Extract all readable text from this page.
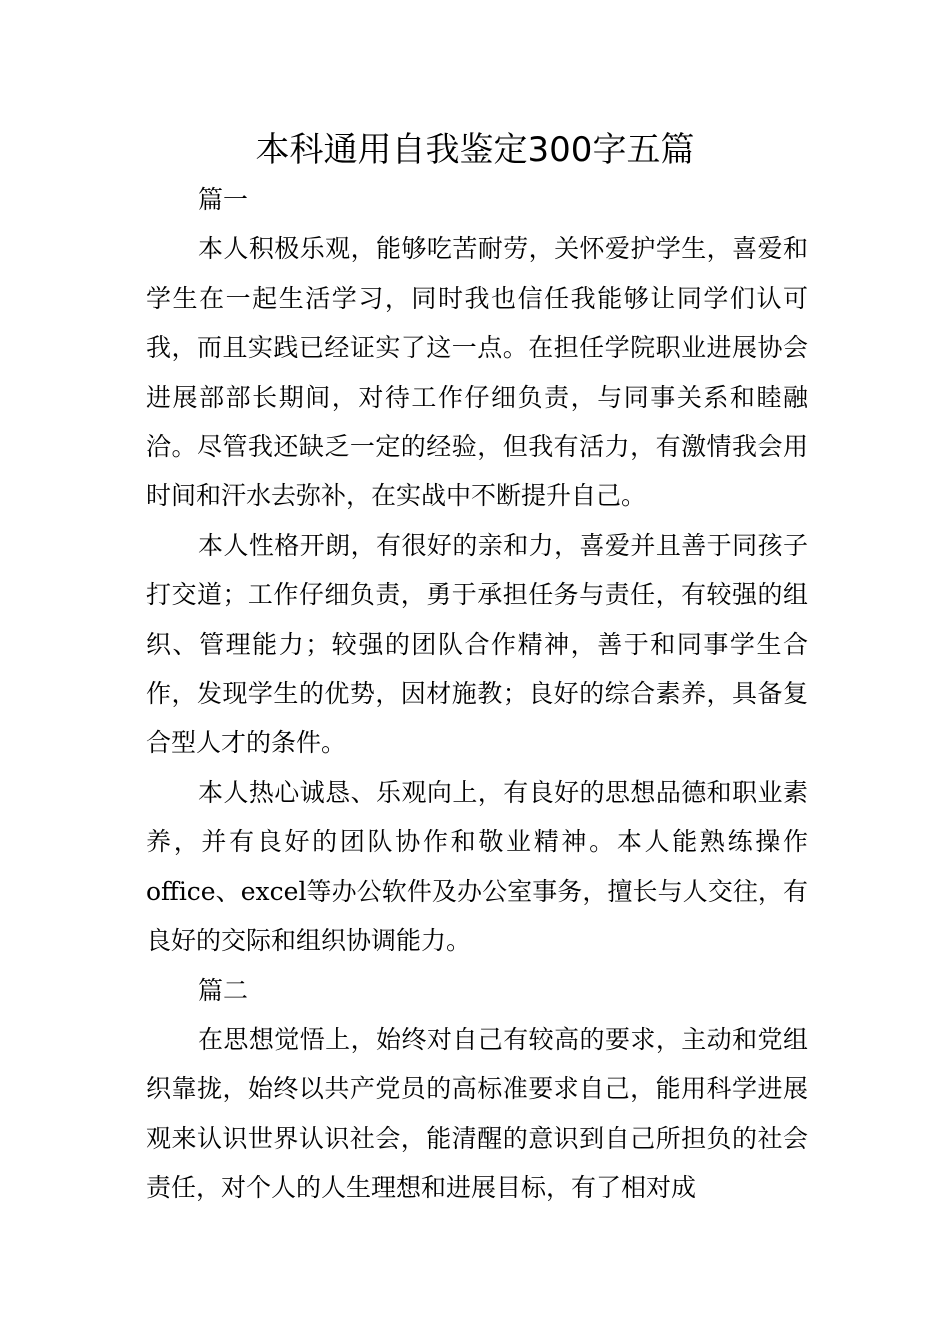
本科通用自我鉴定300字五篇
篇一

本人积极乐观，能够吃苦耐劳，关怀爱护学生，喜爱和学生在一起生活学习，同时我也信任我能够让同学们认可我，而且实践已经证实了这一点。在担任学院职业进展协会进展部部长期间，对待工作仔细负责，与同事关系和睦融洽。尽管我还缺乏一定的经验，但我有活力，有激情我会用时间和汗水去弥补，在实战中不断提升自己。

本人性格开朗，有很好的亲和力，喜爱并且善于同孩子打交道；工作仔细负责，勇于承担任务与责任，有较强的组织、管理能力；较强的团队合作精神，善于和同事学生合作，发现学生的优势，因材施教；良好的综合素养，具备复合型人才的条件。

本人热心诚恳、乐观向上，有良好的思想品德和职业素养，并有良好的团队协作和敬业精神。本人能熟练操作office、excel等办公软件及办公室事务，擅长与人交往，有良好的交际和组织协调能力。

篇二

在思想觉悟上，始终对自己有较高的要求，主动和党组织靠拢，始终以共产党员的高标准要求自己，能用科学进展观来认识世界认识社会，能清醒的意识到自己所担负的社会责任，对个人的人生理想和进展目标，有了相对成
